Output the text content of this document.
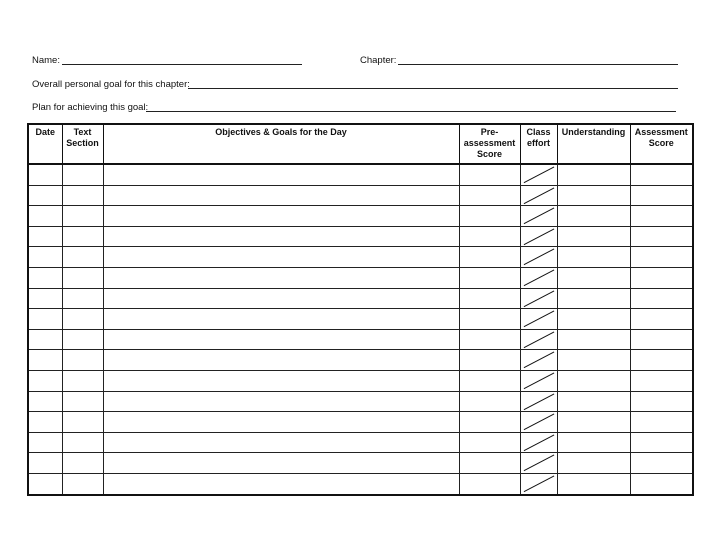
Name:	Chapter:
Overall personal goal for this chapter:
Plan for achieving this goal:
Date	Text Section	Objectives & Goals for the Day	Pre-assessment Score	Class effort	Understanding	Assessment Score
